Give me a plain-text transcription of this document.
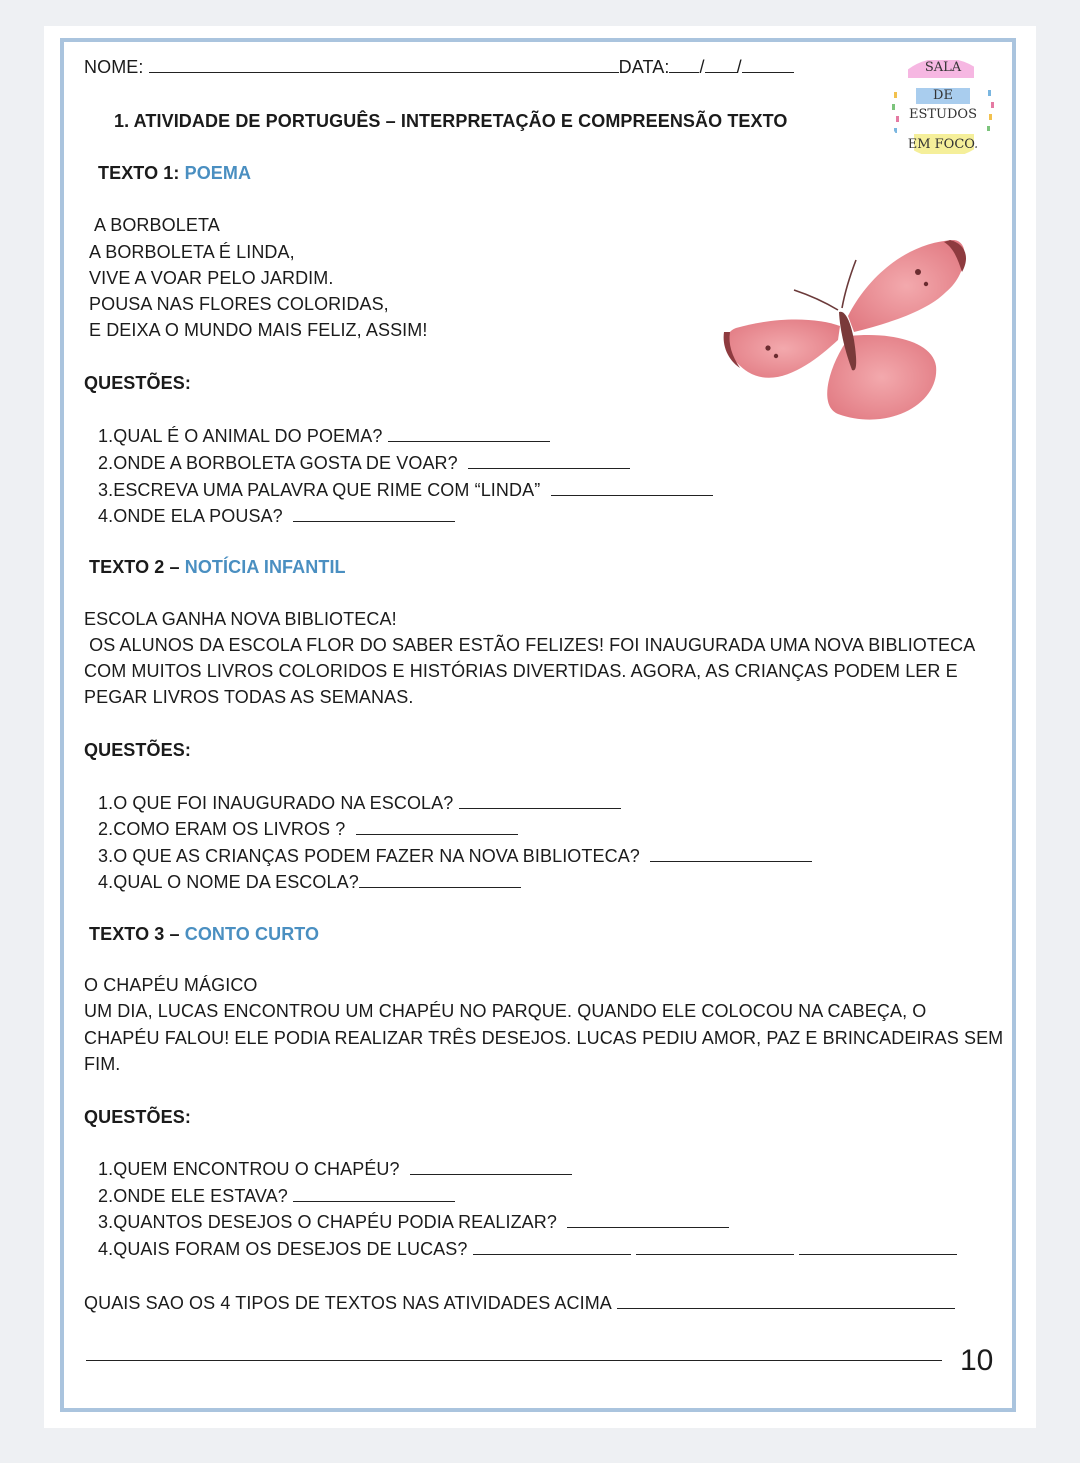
NOME:	DATA: / /
1. ATIVIDADE DE PORTUGUÊS – INTERPRETAÇÃO E COMPREENSÃO TEXTO
SALA
DE
ESTUDOS
EM FOCO.
TEXTO 1: POEMA
A BORBOLETA
A BORBOLETA É LINDA,
VIVE A VOAR PELO JARDIM.
POUSA NAS FLORES COLORIDAS,
E DEIXA O MUNDO MAIS FELIZ, ASSIM!
QUESTÕES:
1.QUAL É O ANIMAL DO POEMA?
2.ONDE A BORBOLETA GOSTA DE VOAR?
3.ESCREVA UMA PALAVRA QUE RIME COM “LINDA”
4.ONDE ELA POUSA?
TEXTO 2 – NOTÍCIA INFANTIL
ESCOLA GANHA NOVA BIBLIOTECA!
OS ALUNOS DA ESCOLA FLOR DO SABER ESTÃO FELIZES! FOI INAUGURADA UMA NOVA BIBLIOTECA
COM MUITOS LIVROS COLORIDOS E HISTÓRIAS DIVERTIDAS. AGORA, AS CRIANÇAS PODEM LER E
PEGAR LIVROS TODAS AS SEMANAS.
QUESTÕES:
1.O QUE FOI INAUGURADO NA ESCOLA?
2.COMO ERAM OS LIVROS ?
3.O QUE AS CRIANÇAS PODEM FAZER NA NOVA BIBLIOTECA?
4.QUAL O NOME DA ESCOLA?
TEXTO 3 – CONTO CURTO
O CHAPÉU MÁGICO
UM DIA, LUCAS ENCONTROU UM CHAPÉU NO PARQUE. QUANDO ELE COLOCOU NA CABEÇA, O
CHAPÉU FALOU! ELE PODIA REALIZAR TRÊS DESEJOS. LUCAS PEDIU AMOR, PAZ E BRINCADEIRAS SEM
FIM.
QUESTÕES:
1.QUEM ENCONTROU O CHAPÉU?
2.ONDE ELE ESTAVA?
3.QUANTOS DESEJOS O CHAPÉU PODIA REALIZAR?
4.QUAIS FORAM OS DESEJOS DE LUCAS?
QUAIS SAO OS 4 TIPOS DE TEXTOS NAS ATIVIDADES ACIMA
10
